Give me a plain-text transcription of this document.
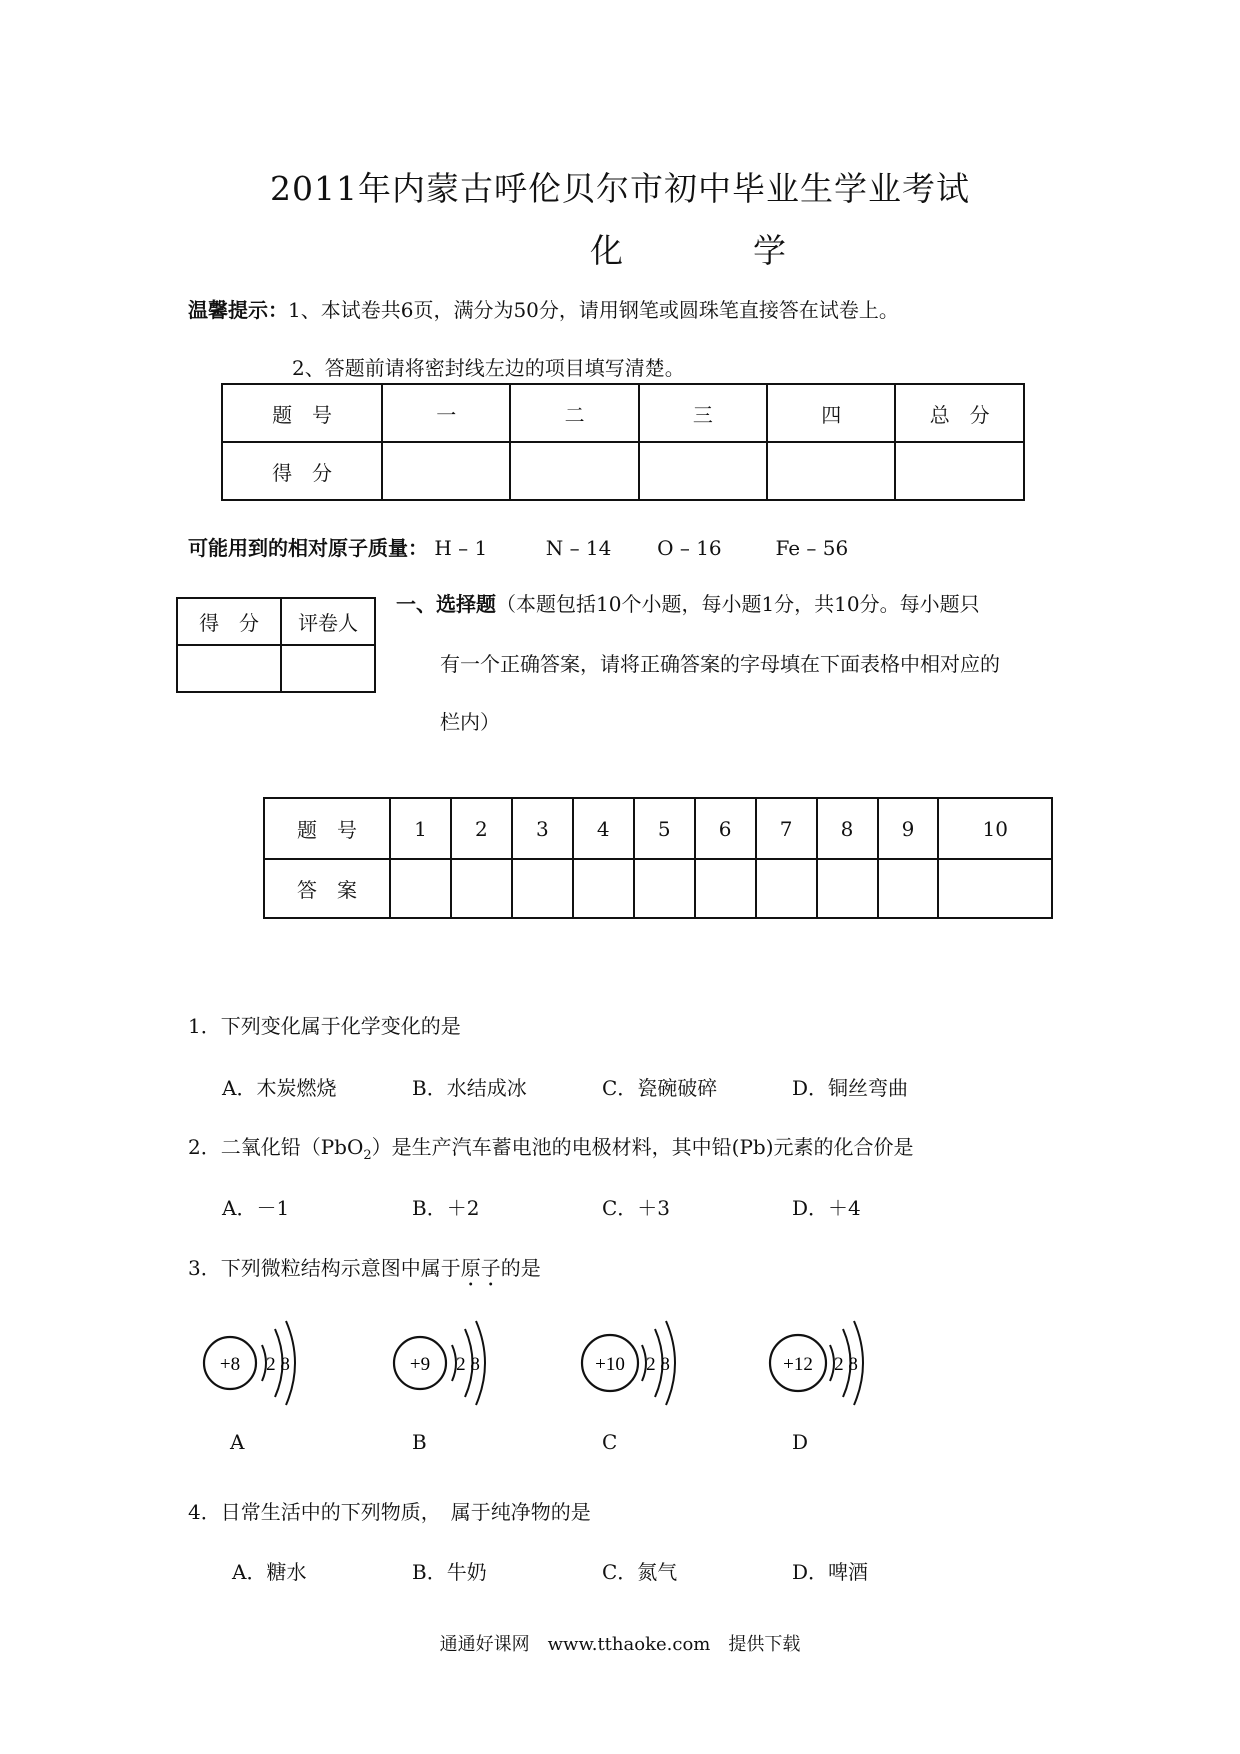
2011年内蒙古呼伦贝尔市初中毕业生学业考试
化	学
温馨提示：1、本试卷共6页，满分为50分，请用钢笔或圆珠笔直接答在试卷上。
2、答题前请将密封线左边的项目填写清楚。
题　号	一	二	三	四	总　分
得　分					
可能用到的相对原子质量： H – 1	N – 14 O – 16	Fe – 56
得　分	评卷人

一、选择题（本题包括10个小题，每小题1分，共10分。每小题只
有一个正确答案，请将正确答案的字母填在下面表格中相对应的
栏内）
题　号	1	2	3	4	5	6	7	8	9	10
答　案										
1．下列变化属于化学变化的是
A．木炭燃烧	B．水结成冰	C．瓷碗破碎	D．铜丝弯曲
2．二氧化铅（PbO$_2$）是生产汽车蓄电池的电极材料，其中铅(Pb)元素的化合价是
A．－1	B．＋2	C．＋3	D．＋4
3．下列微粒结构示意图中属于原子的是
+8 2 8
A
+9 2 8
B
+10 2 8
C
+12 2 8
D
4．日常生活中的下列物质，　属于纯净物的是
A．糖水	B．牛奶	C．氮气	D．啤酒
通通好课网　www.tthaoke.com　提供下载
